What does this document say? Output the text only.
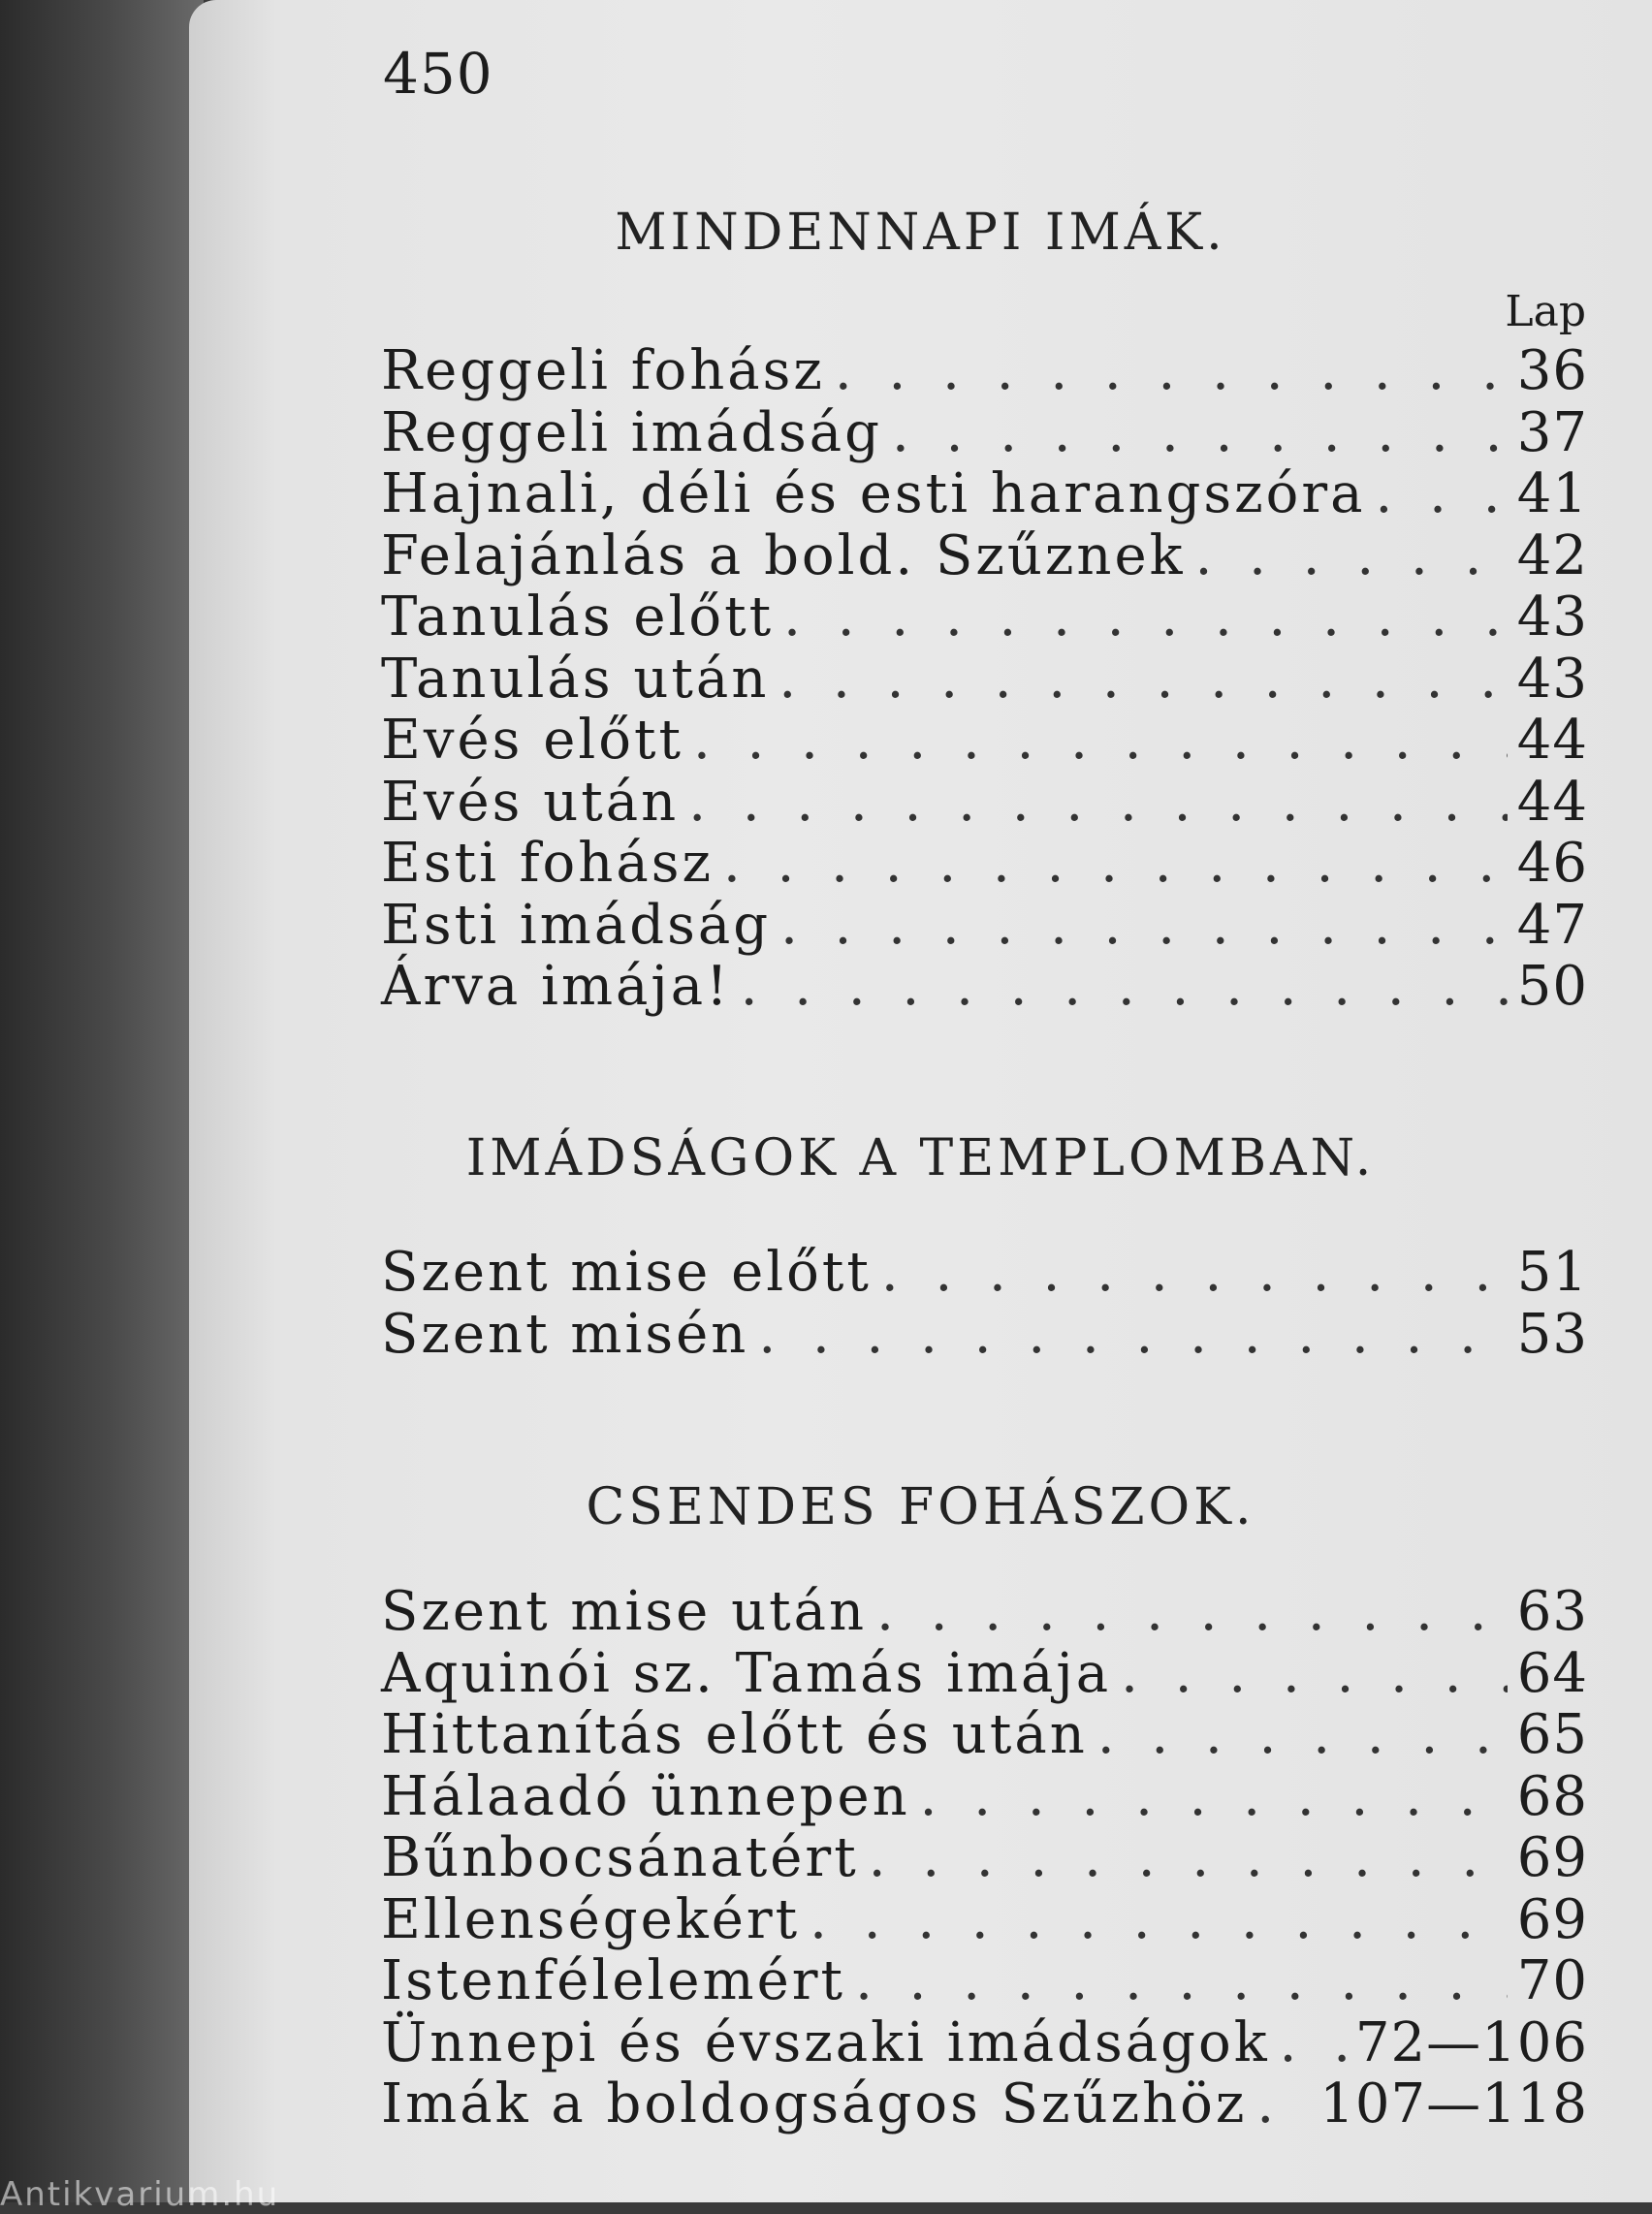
450
MINDENNAPI IMÁK.
Lap
Reggeli fohász . . .	36
Reggeli imádság . . .	37
Hajnali, déli és esti harangszóra . . .	41
Felajánlás a bold. Szűznek . . .	42
Tanulás előtt . . .	43
Tanulás után . . .	43
Evés előtt . . .	44
Evés után . . .	44
Esti fohász . . .	46
Esti imádság . . .	47
Árva imája! . . .	50
IMÁDSÁGOK A TEMPLOMBAN.
Szent mise előtt . . .	51
Szent misén . . .	53
CSENDES FOHÁSZOK.
Szent mise után . . .	63
Aquinói sz. Tamás imája . . .	64
Hittanítás előtt és után . . .	65
Hálaadó ünnepen . . .	68
Bűnbocsánatért . . .	69
Ellenségekért . . .	69
Istenfélelemért . . .	70
Ünnepi és évszaki imádságok . . . 72—106
Imák a boldogságos Szűzhöz . . . 107—118
Antikvarium.hu
